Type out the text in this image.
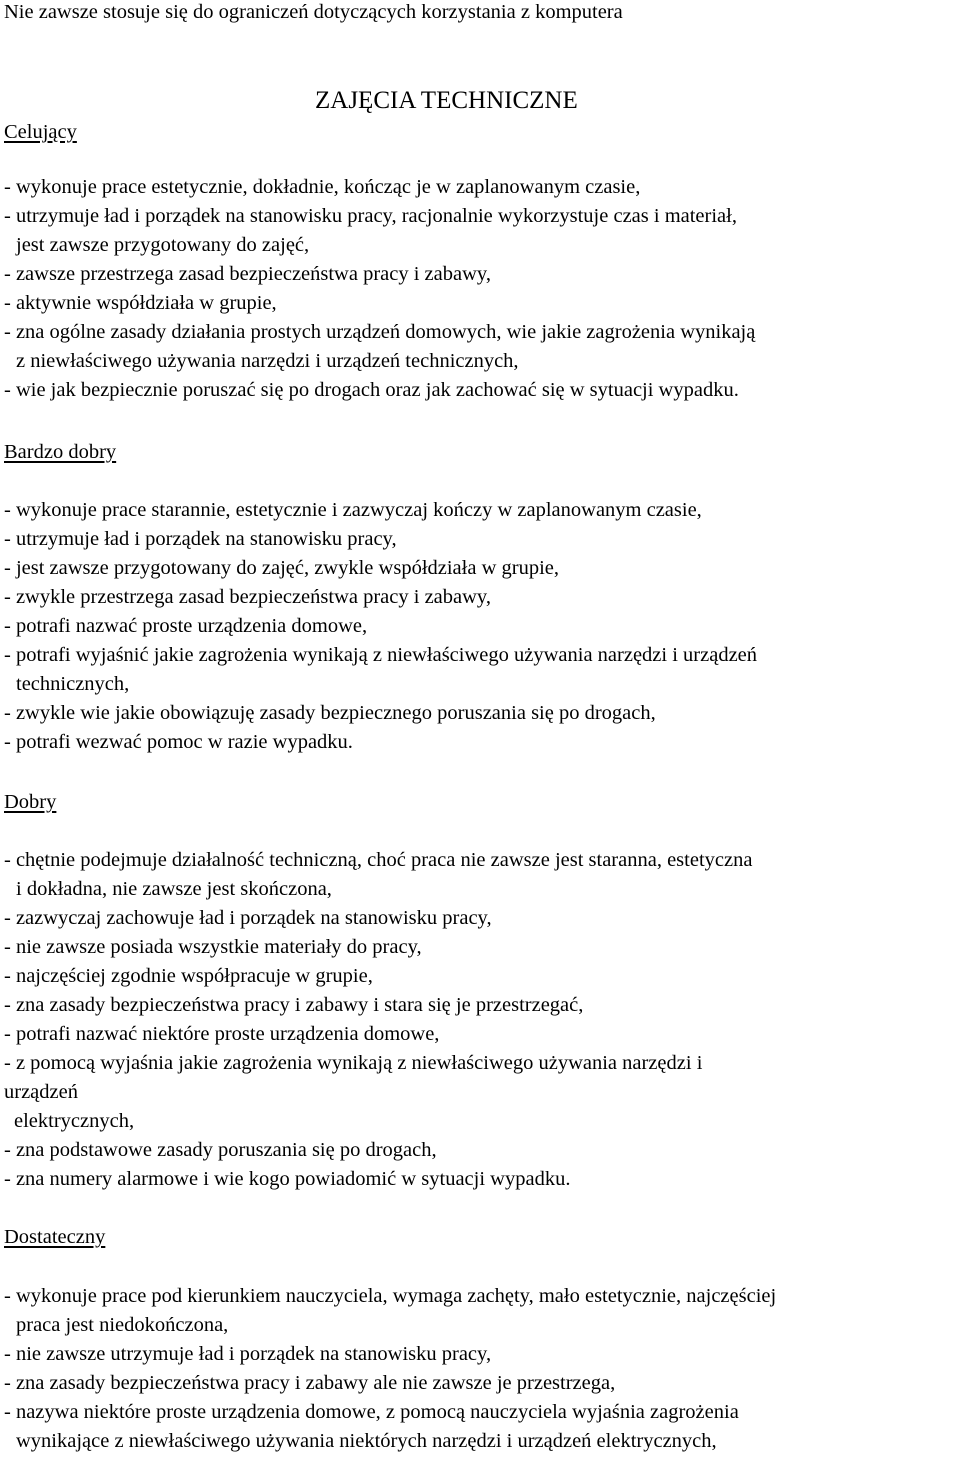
Nie zawsze stosuje się do ograniczeń dotyczących korzystania z komputera

ZAJĘCIA TECHNICZNE

Celujący

- wykonuje prace estetycznie, dokładnie, kończąc je w zaplanowanym czasie,

- utrzymuje ład i porządek na stanowisku pracy, racjonalnie wykorzystuje czas i materiał,

jest zawsze przygotowany do zajęć,

- zawsze przestrzega zasad bezpieczeństwa pracy i zabawy,

- aktywnie współdziała w grupie,

- zna ogólne zasady działania prostych urządzeń domowych, wie jakie zagrożenia wynikają

z niewłaściwego używania narzędzi i urządzeń technicznych,

- wie jak bezpiecznie poruszać się po drogach oraz jak zachować się w sytuacji wypadku.

Bardzo dobry

- wykonuje prace starannie, estetycznie i zazwyczaj kończy w zaplanowanym czasie,

- utrzymuje ład i porządek na stanowisku pracy,

- jest zawsze przygotowany do zajęć, zwykle współdziała w grupie,

- zwykle przestrzega zasad bezpieczeństwa pracy i zabawy,

- potrafi nazwać proste urządzenia domowe,

- potrafi wyjaśnić jakie zagrożenia wynikają z niewłaściwego używania narzędzi i urządzeń

technicznych,

- zwykle wie jakie obowiązuję zasady bezpiecznego poruszania się po drogach,

- potrafi wezwać pomoc w razie wypadku.

Dobry

- chętnie podejmuje działalność techniczną, choć praca nie zawsze jest staranna, estetyczna

i dokładna, nie zawsze jest skończona,

- zazwyczaj zachowuje ład i porządek na stanowisku pracy,

- nie zawsze posiada wszystkie materiały do pracy,

- najczęściej zgodnie współpracuje w grupie,

- zna zasady bezpieczeństwa pracy i zabawy i stara się je przestrzegać,

- potrafi nazwać niektóre proste urządzenia domowe,

- z pomocą wyjaśnia jakie zagrożenia wynikają z niewłaściwego używania narzędzi i

urządzeń

elektrycznych,

- zna podstawowe zasady poruszania się po drogach,

- zna numery alarmowe i wie kogo powiadomić w sytuacji wypadku.

Dostateczny

- wykonuje prace pod kierunkiem nauczyciela, wymaga zachęty, mało estetycznie, najczęściej

praca jest niedokończona,

- nie zawsze utrzymuje ład i porządek na stanowisku pracy,

- zna zasady bezpieczeństwa pracy i zabawy ale nie zawsze je przestrzega,

- nazywa niektóre proste urządzenia domowe, z pomocą nauczyciela wyjaśnia zagrożenia

wynikające z niewłaściwego używania niektórych narzędzi i urządzeń elektrycznych,
